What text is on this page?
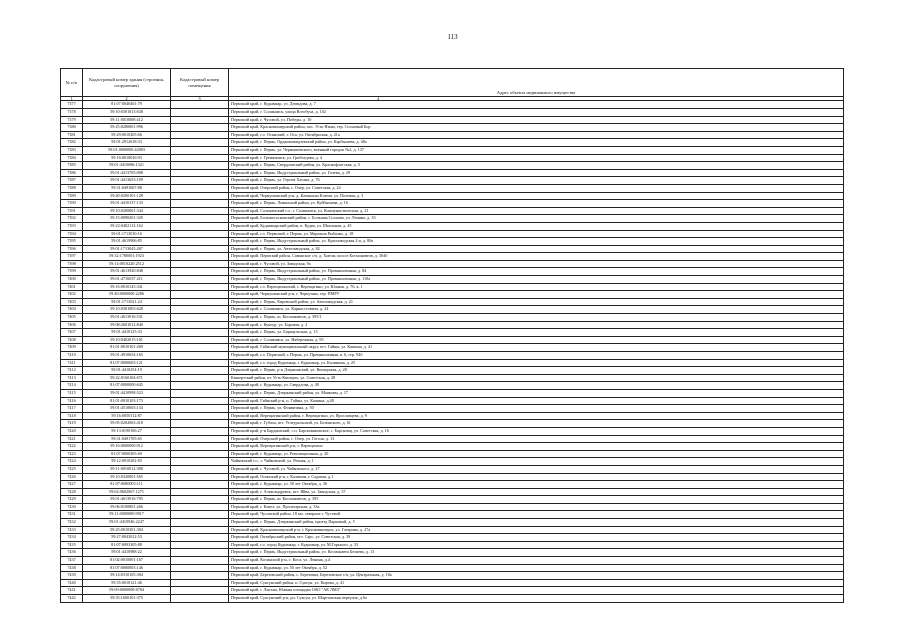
113
№ п/п	Кадастровый номер здания (строения, сооружения)	Кадастровый номер помещения	Адрес объекта недвижимого имущества
1	2	3	4
7377	81:07:0040401:79		Пермский край, г. Кудымкар, ул. Демидова, д. 7
7378	59:10:0301013:638		Пермский край, г. Соликамск, улица Всеобуча, д. 102
7379	59:11:0010008:412		Пермский край, г. Чусовой, ул. Победы, д. 10
7380	59:25:0280001:996		Пермский край, Красновишерский район, пос. Усть-Язьва, тер. Сосновый Бор
7381	59:29:0010205:66		Пермский край, г.о. Осинский, г. Оса, ул. Октябрьская, д. 21а
7382	59:01:2912618:33		Пермский край, г. Пермь, Орджоникидзевский район, ул. Карбышева, д. 48а
7383	59:01:0000000:42003		Пермский край, г. Пермь, ул. Чернышевского, военный городок №2, д. 137
7384	59:16:0010016:93		Пермский край, г. Гремячинск, ул. Грибоедова, д. 4
7385	59:01:4410686:1321		Пермский край, г. Пермь, Свердловский район, ул. Краснофлотская, д. 3
7386	59:01:4413705:008		Пермский край, г. Пермь, Индустриальный район, ул. Голева, д. 29
7387	59:01:4413653:109		Пермский край, г. Пермь, ул. Героев Хасана, д. 76
7388	59:31:0491607:88		Пермский край, Очерский район, г. Очер, ул. Советская, д. 22
7389	59:40:0200101:128		Пермский край, Чернушинский р-н, д. Камышлы Ключи, ул. Полевая, д. 3
7390	59:01:4410137:133		Пермский край, г. Пермь, Ленинский район, ул. Куйбышева, д. 16
7391	59:10:0200001:344		Пермский край, Соликамский г.о., г. Соликамск, ул. Коммунистическая, д. 21
7392	59:15:0090201:329		Пермский край, Большесосновский район, с. Большая Соснова, ул. Ленина, д. 33
7393	59:22:0402112:162		Пермский край, Кудымкарский район, п. Кудва, ул. Школьная, д. 45
7394	59:01:1713010:16		Пермский край, г.о. Пермский, г. Пермь, ул. Маршала Рыбалко, д. 18
7395	59:01:4619906:85		Пермский край, г. Пермь, Индустриальный район, ул. Красноводская 2-я, д. 80а
7396	59:01:1713045:267		Пермский край, г. Пермь, ул. Автозаводская, д. 82
7397	59:32:1780001:1923		Пермский край, Пермский район, Савинское с/п, д. Хмели, шоссе Космонавтов, д. 304б
7398	59:14:0010220:2512		Пермский край, г. Чусовой, ул. Заводская, 9а
7399	59:01:4613920:848		Пермский край, г. Пермь, Индустриальный район, ул. Промышленная, д. 84
7400	59:01:4716037:211		Пермский край, г. Пермь, Индустриальный район, ул. Промышленная, д. 110а
7401	59:16:0010145:341		Пермский край, г.о. Верещагинский, г. Верещагино, ул. Южная, д. 76, к. 1
7402	59:40:0000000:2286		Пермский край, Чернушинский р-н, г. Чернушка, тер. ПМРУ
7403	59:01:1713021:24		Пермский край, г. Пермь, Кировский район, ул. Автозаводская, д. 21
7404	59:10:0301003:628		Пермский край, г. Соликамск, ул. Карнасстовича, д. 24
7405	59:01:4613916:531		Пермский край, г. Пермь, ш. Космонавтов, д. 395/1
7406	59:08:2601012:840		Пермский край, г. Кунгур, ул. Боровая, д. 2
7407	59:01:4410125:33		Пермский край, г. Пермь, ул. Барнаульская, д. 13
7408	59:10:0402015:101		Пермский край, г. Соликамск, ул. Набережная, д. 95
7409	81:01:0010101:269		Пермский край, Гайнский муниципальный округ, пгт. Гайны, ул. Кашина, д. 41
7410	59:01:4910654:165		Пермский край, г.о. Пермский, г. Пермь, ул. Промышленная, в. 6, стр. 94б
7411	81:07:0000603:121		Пермский край, г.о. город Кудымкар, г. Кудымкар, ул. Калинина, д. 25
7412	59:01:4410254:19		Пермский край, г. Пермь, р-н Дзержинский, ул. Вишерская, д. 20
7413	59:22:0160104:671		Кишертский район, пт. Усть-Кишерть, ул. Советская, д. 28
7414	81:07:0000000:645		Пермский край, г. Кудымкар, ул. Свердлова, д. 49
7415	59:01:4410998:523		Пермский край, г. Пермь, Дзержинский район, ул. Маяковы, д. 17
7416	81:01:0010103:173		Пермский край, Гайнский р-н, п. Гайны, ул. Кашина, д.40
7417	59:01:4510603:134		Пермский край, г. Пермь, ул. Фонвизина, д. 50
7418	59:16:0050112:87		Пермский край, Верещагинский район, г. Верещагино, ул. Ярославцева, д. 9
7419	59:05:0202063:418		Пермский край, г. Губаха, пгт. Углеуральский, ул. Белинского, д. 61
7420	59:13:0190106:27		Пермский край, р-н Бардымский, с.п. Барсковиковское, с. Барсковщ, ул. Советская, д. 16
7421	59:31:0491705:65		Пермский край, Очерский район, г. Очер, ул. Гоголя, д. 13
7422	59:16:0000000:912		Пермский край, Верещагинский р-н, г. Верещагино
7423	81:07:0000305:69		Пермский край, г. Кудымкар, ул. Революционная, д. 20
7424	59:12:0010202:83		Чайковский г.о., г. Чайковский, ул. Речная, д. 1
7425	59:11:0010012:388		Пермский край, г. Чусовой, ул. Чайковского, д. 27
7426	59:10:0320001:565		Пермский край, Осинский р-н, г. Калинин, г. Садовая, д.1
7427	81:07:0080003:111		Пермский край, г. Кудымкар, ул. 50 лет Октября, д. 36
7428	59:02:0602067:1271		Пермский край, г. Александровск, пгт. Яйва, ул. Заводская, д. 37
7429	59:01:4613916:705		Пермский край, г. Пермь, ш. Космонавтов, д. 395
7430	59:06:0100801:266		Пермский край, г. Кизел, ул. Пролетарская, д. 33а
7431	59:11:0000000:9917		Пермский край, Чусовской район, 18 км. северное г. Чусовой
7432	59:01:4410946:2247		Пермский край, г. Пермь, Дзержинский район, проезд Парковый, д. 5
7433	59:25:0010301:304		Пермский край, Красновишерский р-н, г. Красновишерск, ул. Гагарина, д. 27а
7434	59:27:0043012:53		Пермский край, Октябрьский район, пгт. Сарс, ул. Советская, д. 39
7435	81:07:0093305:88		Пермский край, г.о. город Кудымкар, г. Кудымкар, ул. М.Горького, д. 33
7436	59:01:4410988:22		Пермский край, г. Пермь, Индустриальный район, ул. Космонавта Беляева, д. 13
7437	81:02:0010001:167		Пермский край, Косинский р-н, с. Коса, ул. Ленина, д.4
7438	81:07:0000003:146		Пермский край, г. Кудымкар, ул. 50 лет Октября, д. 52
7439	59:14:0310105:304		Пермский край, Березовский район, с. Березовка, Березовское с/п, ул. Центральная, д. 10а
7440	59:35:0010121:46		Пермский край, Суксунский район, п. Суксун, ул. Кирова, д. 41
7441	59:09:0000000:6784		Пермский край, г. Лысьва, Южная площадка ОАО "АК ЛМЗ"
7442	59:35:1600101:375		Пермский край, Суксунский р-н, рп. Суксун, ул. Шарташская переулок, д.6а
